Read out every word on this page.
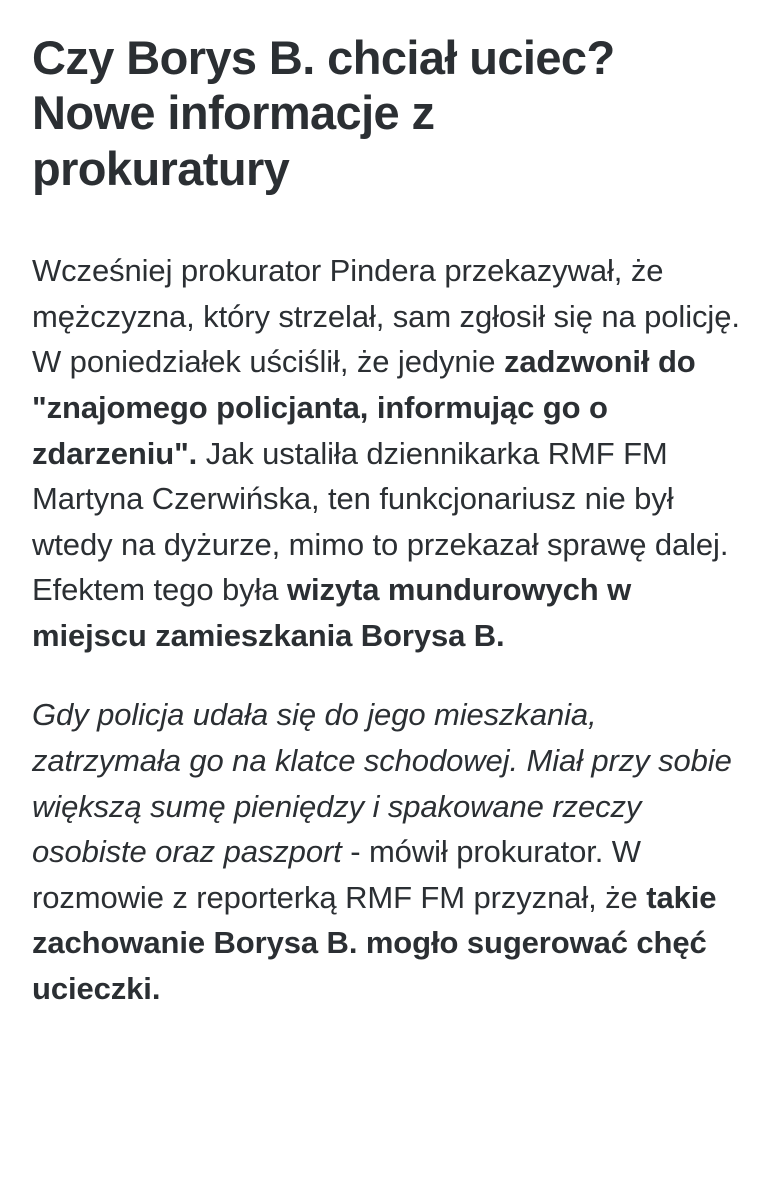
Czy Borys B. chciał uciec? Nowe informacje z prokuratury

Wcześniej prokurator Pindera przekazywał, że mężczyzna, który strzelał, sam zgłosił się na policję. W poniedziałek uściślił, że jedynie zadzwonił do "znajomego policjanta, informując go o zdarzeniu". Jak ustaliła dziennikarka RMF FM Martyna Czerwińska, ten funkcjonariusz nie był wtedy na dyżurze, mimo to przekazał sprawę dalej. Efektem tego była wizyta mundurowych w miejscu zamieszkania Borysa B.

Gdy policja udała się do jego mieszkania, zatrzymała go na klatce schodowej. Miał przy sobie większą sumę pieniędzy i spakowane rzeczy osobiste oraz paszport - mówił prokurator. W rozmowie z reporterką RMF FM przyznał, że takie zachowanie Borysa B. mogło sugerować chęć ucieczki.
